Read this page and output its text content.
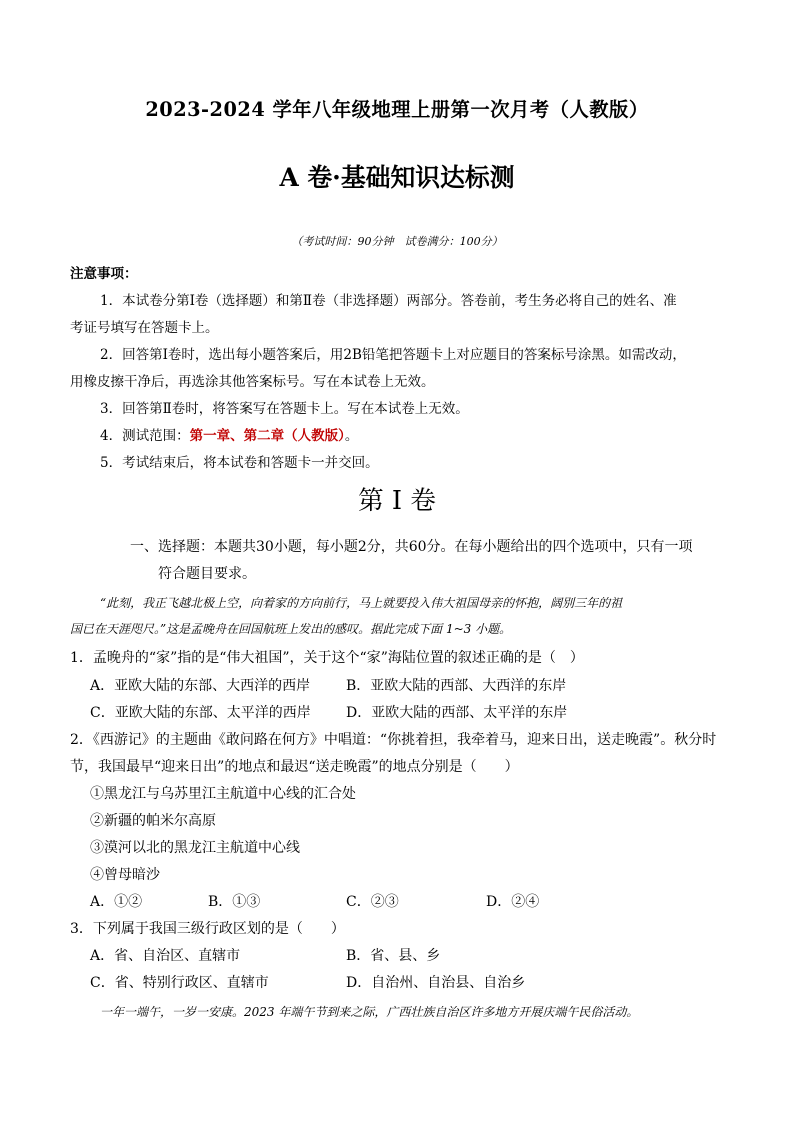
2023-2024 学年八年级地理上册第一次月考（人教版）
A 卷·基础知识达标测
（考试时间：90分钟　试卷满分：100分）
注意事项：
1．本试卷分第Ⅰ卷（选择题）和第Ⅱ卷（非选择题）两部分。答卷前，考生务必将自己的姓名、准
考证号填写在答题卡上。
2．回答第Ⅰ卷时，选出每小题答案后，用2B铅笔把答题卡上对应题目的答案标号涂黑。如需改动，
用橡皮擦干净后，再选涂其他答案标号。写在本试卷上无效。
3．回答第Ⅱ卷时，将答案写在答题卡上。写在本试卷上无效。
4．测试范围：第一章、第二章（人教版）。
5．考试结束后，将本试卷和答题卡一并交回。
第 I 卷
一、选择题：本题共30小题，每小题2分，共60分。在每小题给出的四个选项中，只有一项
符合题目要求。
“此刻，我正飞越北极上空，向着家的方向前行，马上就要投入伟大祖国母亲的怀抱，阔别三年的祖
国已在天涯咫尺。”这是孟晚舟在回国航班上发出的感叹。据此完成下面 1~3 小题。
1．孟晚舟的“家”指的是“伟大祖国”，关于这个“家”海陆位置的叙述正确的是（　）
A．亚欧大陆的东部、大西洋的西岸	B．亚欧大陆的西部、大西洋的东岸
C．亚欧大陆的东部、太平洋的西岸	D．亚欧大陆的西部、太平洋的东岸
2．《西游记》的主题曲《敢问路在何方》中唱道：“你挑着担，我牵着马，迎来日出，送走晚霞”。秋分时
节，我国最早“迎来日出”的地点和最迟“送走晚霞”的地点分别是（　　）
①黑龙江与乌苏里江主航道中心线的汇合处
②新疆的帕米尔高原
③漠河以北的黑龙江主航道中心线
④曾母暗沙
A．①②	B．①③	C．②③	D．②④
3．下列属于我国三级行政区划的是（　　）
A．省、自治区、直辖市	B．省、县、乡
C．省、特别行政区、直辖市	D．自治州、自治县、自治乡
一年一端午，一岁一安康。2023 年端午节到来之际，广西壮族自治区许多地方开展庆端午民俗活动。
